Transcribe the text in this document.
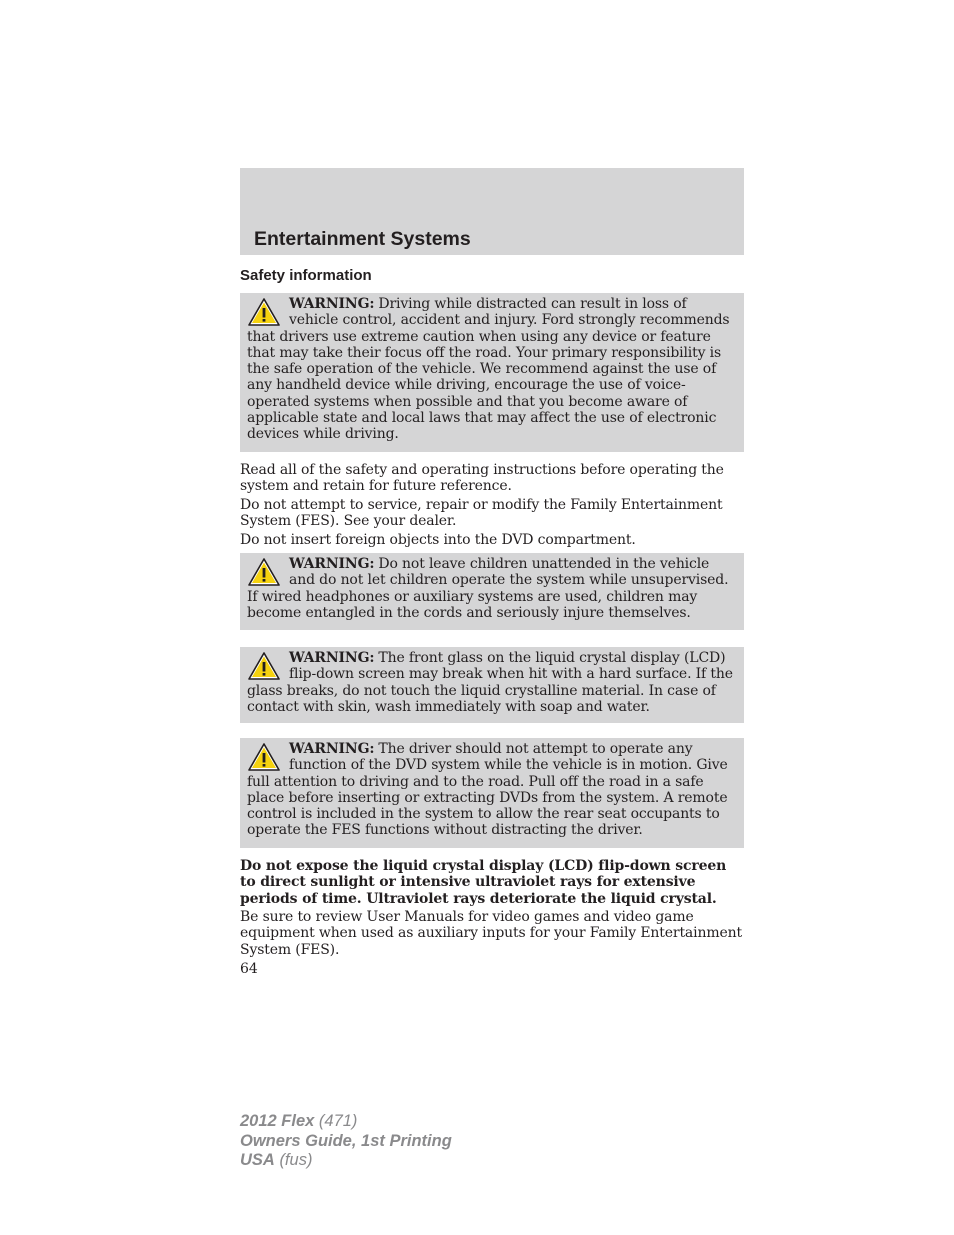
Entertainment Systems
Safety information
WARNING: Driving while distracted can result in loss of vehicle control, accident and injury. Ford strongly recommends that drivers use extreme caution when using any device or feature that may take their focus off the road. Your primary responsibility is the safe operation of the vehicle. We recommend against the use of any handheld device while driving, encourage the use of voice-operated systems when possible and that you become aware of applicable state and local laws that may affect the use of electronic devices while driving.

Read all of the safety and operating instructions before operating the system and retain for future reference.

Do not attempt to service, repair or modify the Family Entertainment System (FES). See your dealer.

Do not insert foreign objects into the DVD compartment.

WARNING: Do not leave children unattended in the vehicle and do not let children operate the system while unsupervised. If wired headphones or auxiliary systems are used, children may become entangled in the cords and seriously injure themselves.
WARNING: The front glass on the liquid crystal display (LCD) flip-down screen may break when hit with a hard surface. If the glass breaks, do not touch the liquid crystalline material. In case of contact with skin, wash immediately with soap and water.
WARNING: The driver should not attempt to operate any function of the DVD system while the vehicle is in motion. Give full attention to driving and to the road. Pull off the road in a safe place before inserting or extracting DVDs from the system. A remote control is included in the system to allow the rear seat occupants to operate the FES functions without distracting the driver.

Do not expose the liquid crystal display (LCD) flip-down screen to direct sunlight or intensive ultraviolet rays for extensive periods of time. Ultraviolet rays deteriorate the liquid crystal.

Be sure to review User Manuals for video games and video game equipment when used as auxiliary inputs for your Family Entertainment System (FES).

64

2012 Flex (471)
Owners Guide, 1st Printing
USA (fus)
